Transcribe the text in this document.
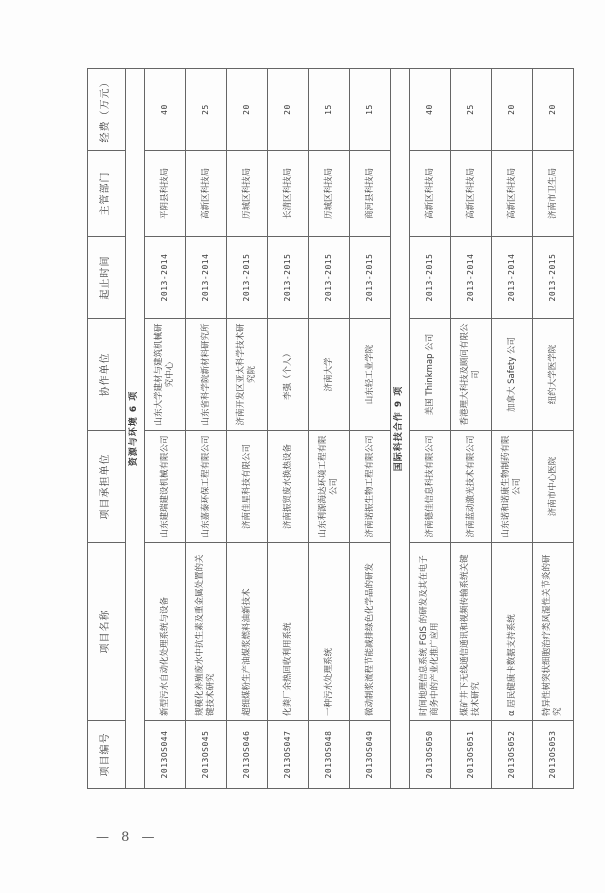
项目编号	项目名称	项目承担单位	协作单位	起止时间	主管部门	经费（万元）
资源与环境 6 项						
2013OS044	新型污水自动化处理系统与设备	山东建瑞建设机械有限公司	山东大学建材与建筑机械研究中心	2013-2014	平阴县科技局	40
2013OS045	规模化养殖废水中抗生素及重金属处置的关键技术研究	山东嘉泰环保工程有限公司	山东省科学院新材料研究所	2013-2014	高新区科技局	25
2013OS046	超细煤粉生产油煤浆燃料油新技术	济南佳星科技有限公司	济南开发区亚太科学技术研究院	2013-2015	历城区科技局	20
2013OS047	化粪厂余热回收利用系统	济南振贸废水换热设备	李强（个人）	2013-2015	长清区科技局	20
2013OS048	一种污水处理系统	山东利源海达环境工程有限公司	济南大学	2013-2015	历城区科技局	15
2013OS049	微动制浆流程节能减排绿色化学品的研发	济南诺振生物工程有限公司	山东轻工业学院	2013-2015	商河县科技局	15
国际科技合作 9 项						
2013OS050	时间地理信息系统 FGIS 的研发及其在电子商务中的产业化推广应用	济南德佳信息科技有限公司	美国 Thinkmap 公司	2013-2015	高新区科技局	40
2013OS051	煤矿井下无线通信通讯和视频传输系统关键技术研究	济南蓝动激光技术有限公司	香港理大科技及顾问有限公司	2013-2014	高新区科技局	25
2013OS052	α 居民健康卡数据支持系统	山东诺和诺康生物制药有限公司	加拿大 Safety 公司	2013-2014	高新区科技局	20
2013OS053	特异性树突状细胞治疗类风湿性关节炎的研究	济南市中心医院	纽约大学医学院	2013-2015	济南市卫生局	20
— 8 —
